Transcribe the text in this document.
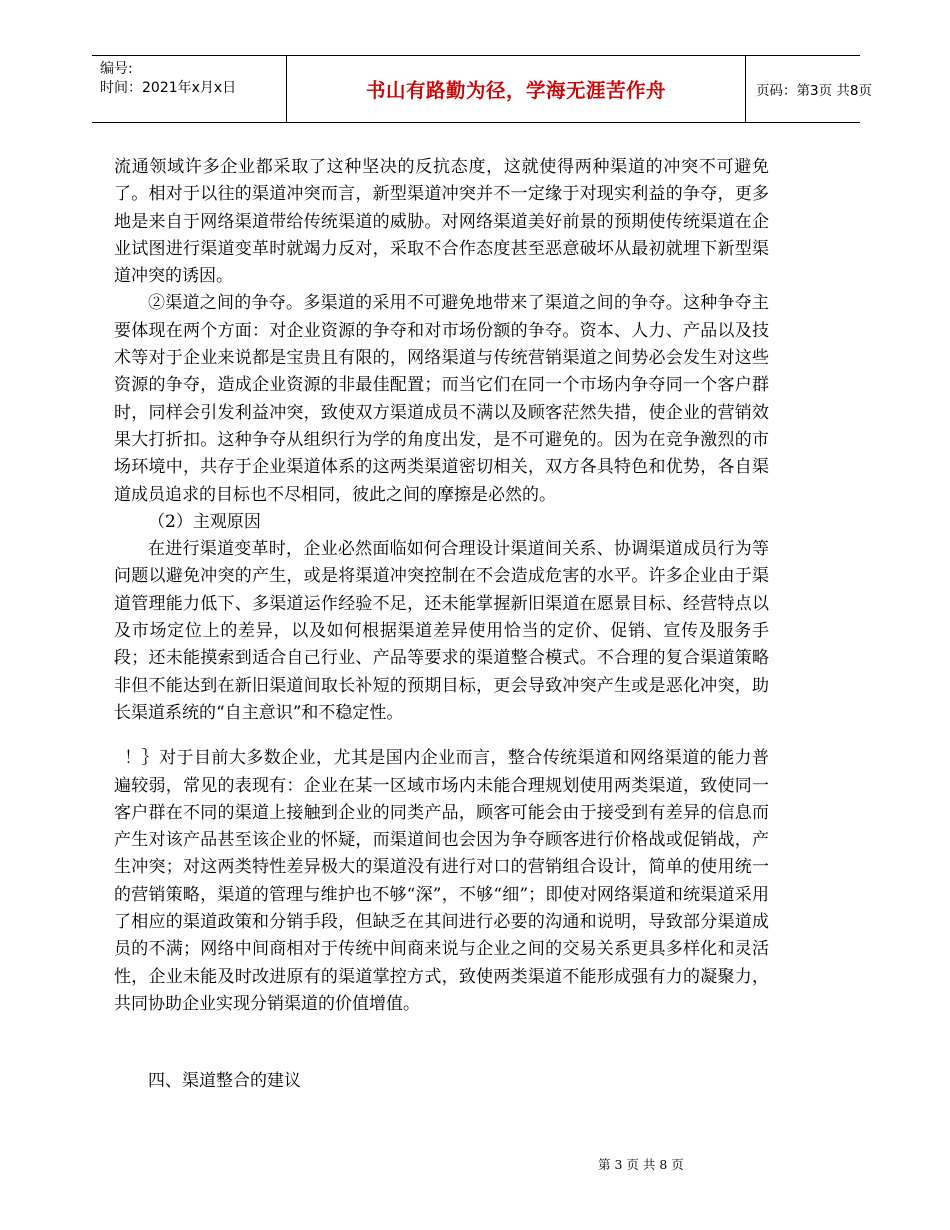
编号:
时间：2021年x月x日	书山有路勤为径，学海无涯苦作舟	页码：第3页 共8页

流通领域许多企业都采取了这种坚决的反抗态度，这就使得两种渠道的冲突不可避免了。相对于以往的渠道冲突而言，新型渠道冲突并不一定缘于对现实利益的争夺，更多地是来自于网络渠道带给传统渠道的威胁。对网络渠道美好前景的预期使传统渠道在企业试图进行渠道变革时就竭力反对，采取不合作态度甚至恶意破坏从最初就埋下新型渠道冲突的诱因。

②渠道之间的争夺。多渠道的采用不可避免地带来了渠道之间的争夺。这种争夺主要体现在两个方面：对企业资源的争夺和对市场份额的争夺。资本、人力、产品以及技术等对于企业来说都是宝贵且有限的，网络渠道与传统营销渠道之间势必会发生对这些资源的争夺，造成企业资源的非最佳配置；而当它们在同一个市场内争夺同一个客户群时，同样会引发利益冲突，致使双方渠道成员不满以及顾客茫然失措，使企业的营销效果大打折扣。这种争夺从组织行为学的角度出发，是不可避免的。因为在竞争激烈的市场环境中，共存于企业渠道体系的这两类渠道密切相关，双方各具特色和优势，各自渠道成员追求的目标也不尽相同，彼此之间的摩擦是必然的。

（2）主观原因

在进行渠道变革时，企业必然面临如何合理设计渠道间关系、协调渠道成员行为等问题以避免冲突的产生，或是将渠道冲突控制在不会造成危害的水平。许多企业由于渠道管理能力低下、多渠道运作经验不足，还未能掌握新旧渠道在愿景目标、经营特点以及市场定位上的差异，以及如何根据渠道差异使用恰当的定价、促销、宣传及服务手段；还未能摸索到适合自己行业、产品等要求的渠道整合模式。不合理的复合渠道策略非但不能达到在新旧渠道间取长补短的预期目标，更会导致冲突产生或是恶化冲突，助长渠道系统的“自主意识”和不稳定性。

！｝对于目前大多数企业，尤其是国内企业而言，整合传统渠道和网络渠道的能力普遍较弱，常见的表现有：企业在某一区域市场内未能合理规划使用两类渠道，致使同一客户群在不同的渠道上接触到企业的同类产品，顾客可能会由于接受到有差异的信息而产生对该产品甚至该企业的怀疑，而渠道间也会因为争夺顾客进行价格战或促销战，产生冲突；对这两类特性差异极大的渠道没有进行对口的营销组合设计，简单的使用统一的营销策略，渠道的管理与维护也不够“深”，不够“细”；即使对网络渠道和统渠道采用了相应的渠道政策和分销手段，但缺乏在其间进行必要的沟通和说明，导致部分渠道成员的不满；网络中间商相对于传统中间商来说与企业之间的交易关系更具多样化和灵活性，企业未能及时改进原有的渠道掌控方式，致使两类渠道不能形成强有力的凝聚力，共同协助企业实现分销渠道的价值增值。

四、渠道整合的建议
第 3 页 共 8 页
